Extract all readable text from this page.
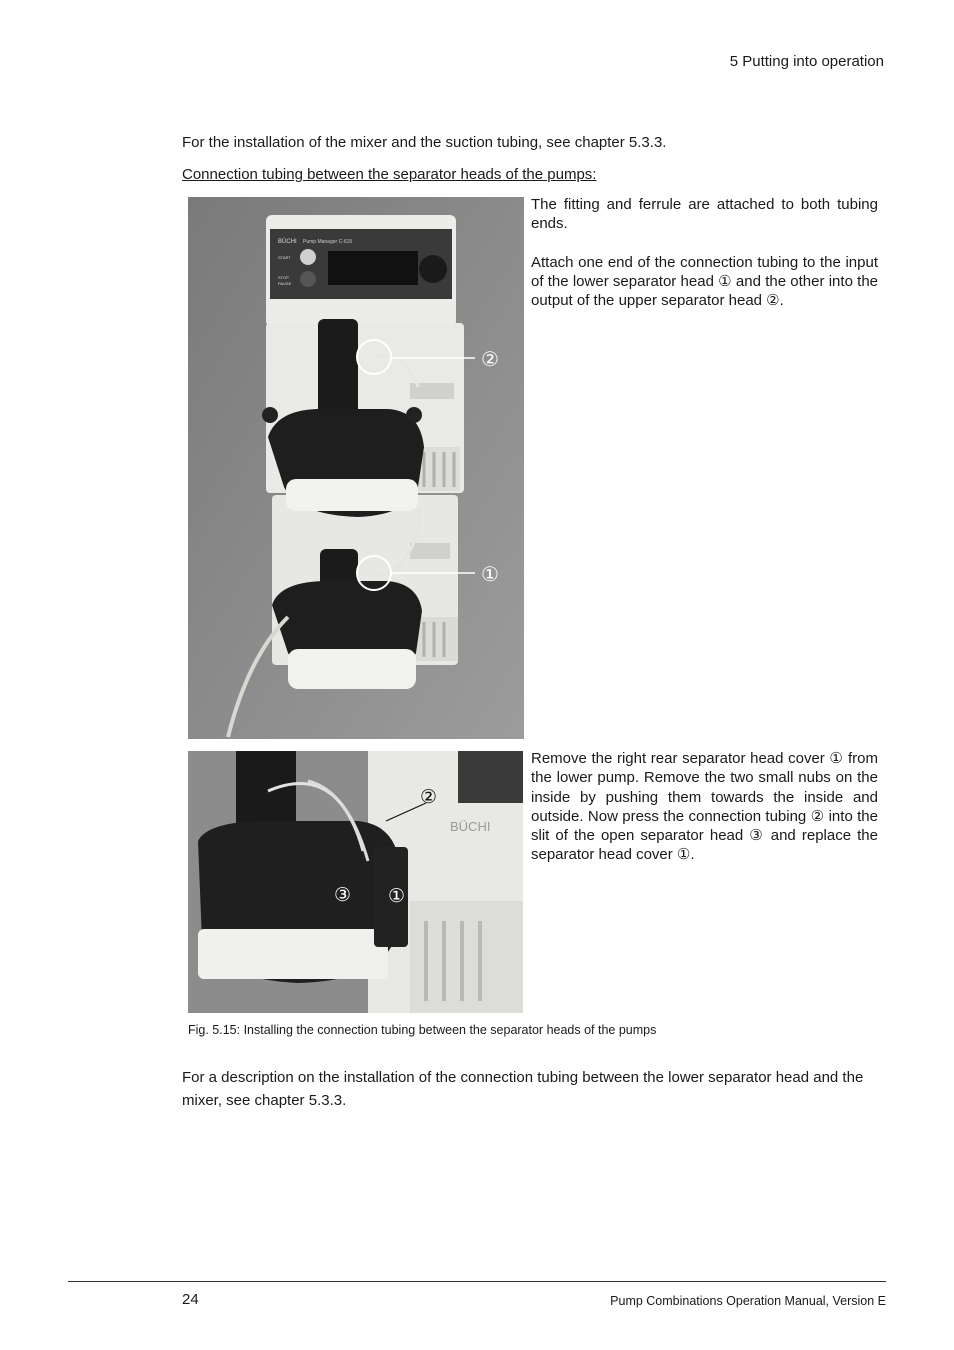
5 Putting into operation
For the installation of the mixer and the suction tubing, see chapter 5.3.3.
Connection tubing between the separator heads of the pumps:
BÜCHI Pump Manager C-615
START
STOP
PAUSE
②
①

The fitting and ferrule are attached to both tubing ends.

Attach one end of the connection tubing to the input of the lower separator head ① and the other into the output of the upper separator head ②.

BÜCHI
②
③ ①

Remove the right rear separator head cover ① from the lower pump. Remove the two small nubs on the inside by pushing them towards the inside and outside. Now press the connection tubing ② into the slit of the open separator head ③ and replace the separator head cover ①.

Fig. 5.15: Installing the connection tubing between the separator heads of the pumps
For a description on the installation of the connection tubing between the lower separator head and the mixer, see chapter 5.3.3.
24	Pump Combinations Operation Manual, Version E
